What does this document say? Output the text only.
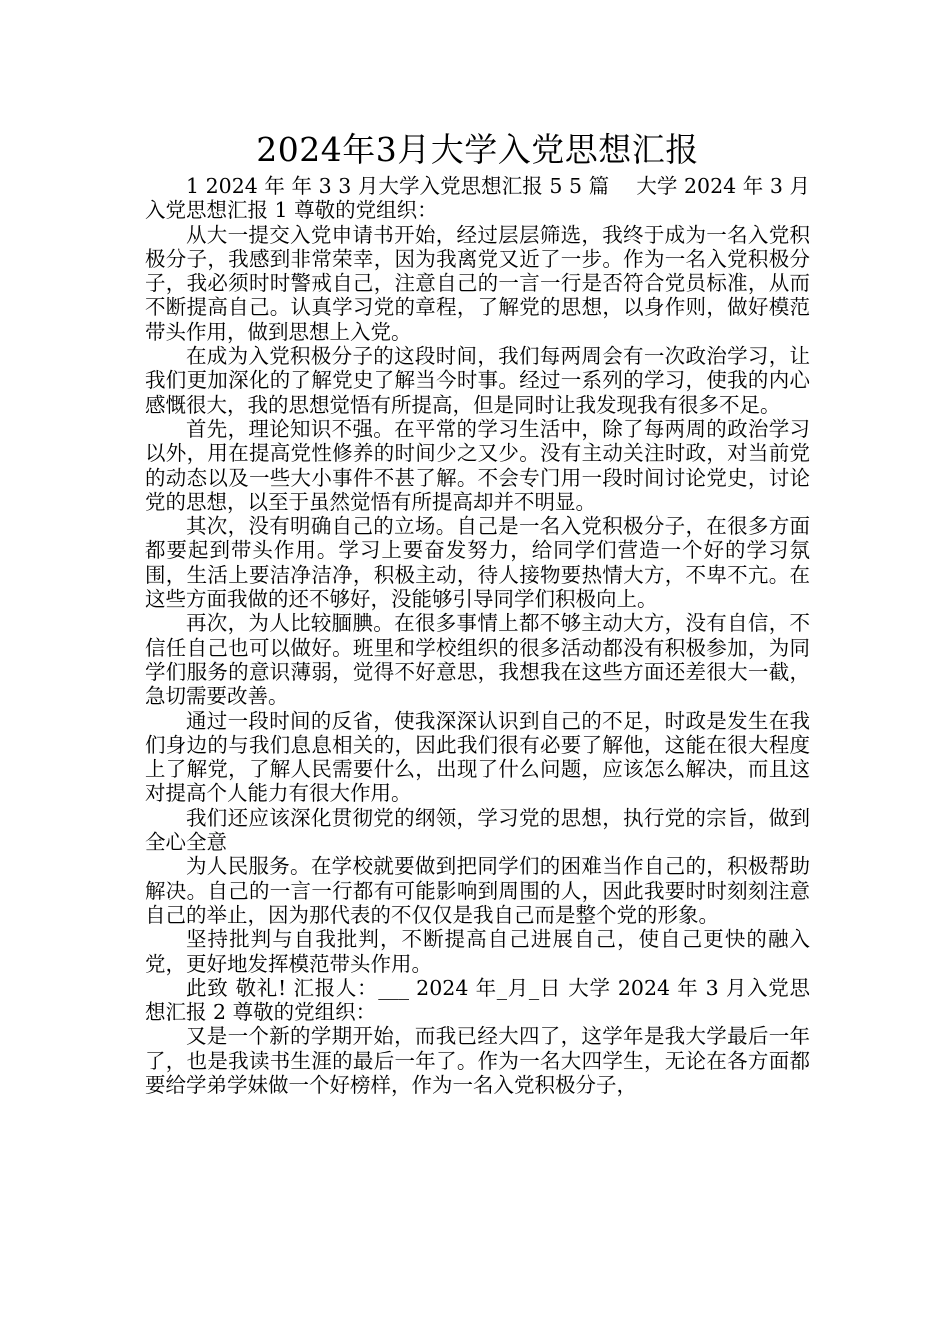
2024年3月大学入党思想汇报

1 2024 年 年 3 3 月大学入党思想汇报 5 5 篇　 大学 2024 年 3 月入党思想汇报 1 尊敬的党组织：

从大一提交入党申请书开始，经过层层筛选，我终于成为一名入党积极分子，我感到非常荣幸，因为我离党又近了一步。作为一名入党积极分子，我必须时时警戒自己，注意自己的一言一行是否符合党员标准，从而不断提高自己。认真学习党的章程，了解党的思想，以身作则，做好模范带头作用，做到思想上入党。

在成为入党积极分子的这段时间，我们每两周会有一次政治学习，让我们更加深化的了解党史了解当今时事。经过一系列的学习，使我的内心感慨很大，我的思想觉悟有所提高，但是同时让我发现我有很多不足。

首先，理论知识不强。在平常的学习生活中，除了每两周的政治学习以外，用在提高党性修养的时间少之又少。没有主动关注时政，对当前党的动态以及一些大小事件不甚了解。不会专门用一段时间讨论党史，讨论党的思想，以至于虽然觉悟有所提高却并不明显。

其次，没有明确自己的立场。自己是一名入党积极分子，在很多方面都要起到带头作用。学习上要奋发努力，给同学们营造一个好的学习氛围，生活上要洁净洁净，积极主动，待人接物要热情大方，不卑不亢。在这些方面我做的还不够好，没能够引导同学们积极向上。

再次，为人比较腼腆。在很多事情上都不够主动大方，没有自信，不信任自己也可以做好。班里和学校组织的很多活动都没有积极参加，为同学们服务的意识薄弱，觉得不好意思，我想我在这些方面还差很大一截，急切需要改善。

通过一段时间的反省，使我深深认识到自己的不足，时政是发生在我们身边的与我们息息相关的，因此我们很有必要了解他，这能在很大程度上了解党，了解人民需要什么，出现了什么问题，应该怎么解决，而且这对提高个人能力有很大作用。

我们还应该深化贯彻党的纲领，学习党的思想，执行党的宗旨，做到全心全意

为人民服务。在学校就要做到把同学们的困难当作自己的，积极帮助解决。自己的一言一行都有可能影响到周围的人，因此我要时时刻刻注意自己的举止，因为那代表的不仅仅是我自己而是整个党的形象。

坚持批判与自我批判，不断提高自己进展自己，使自己更快的融入党，更好地发挥模范带头作用。

此致 敬礼! 汇报人：___ 2024 年_月_日 大学 2024 年 3 月入党思想汇报 2 尊敬的党组织：

又是一个新的学期开始，而我已经大四了，这学年是我大学最后一年了，也是我读书生涯的最后一年了。作为一名大四学生，无论在各方面都要给学弟学妹做一个好榜样，作为一名入党积极分子，
